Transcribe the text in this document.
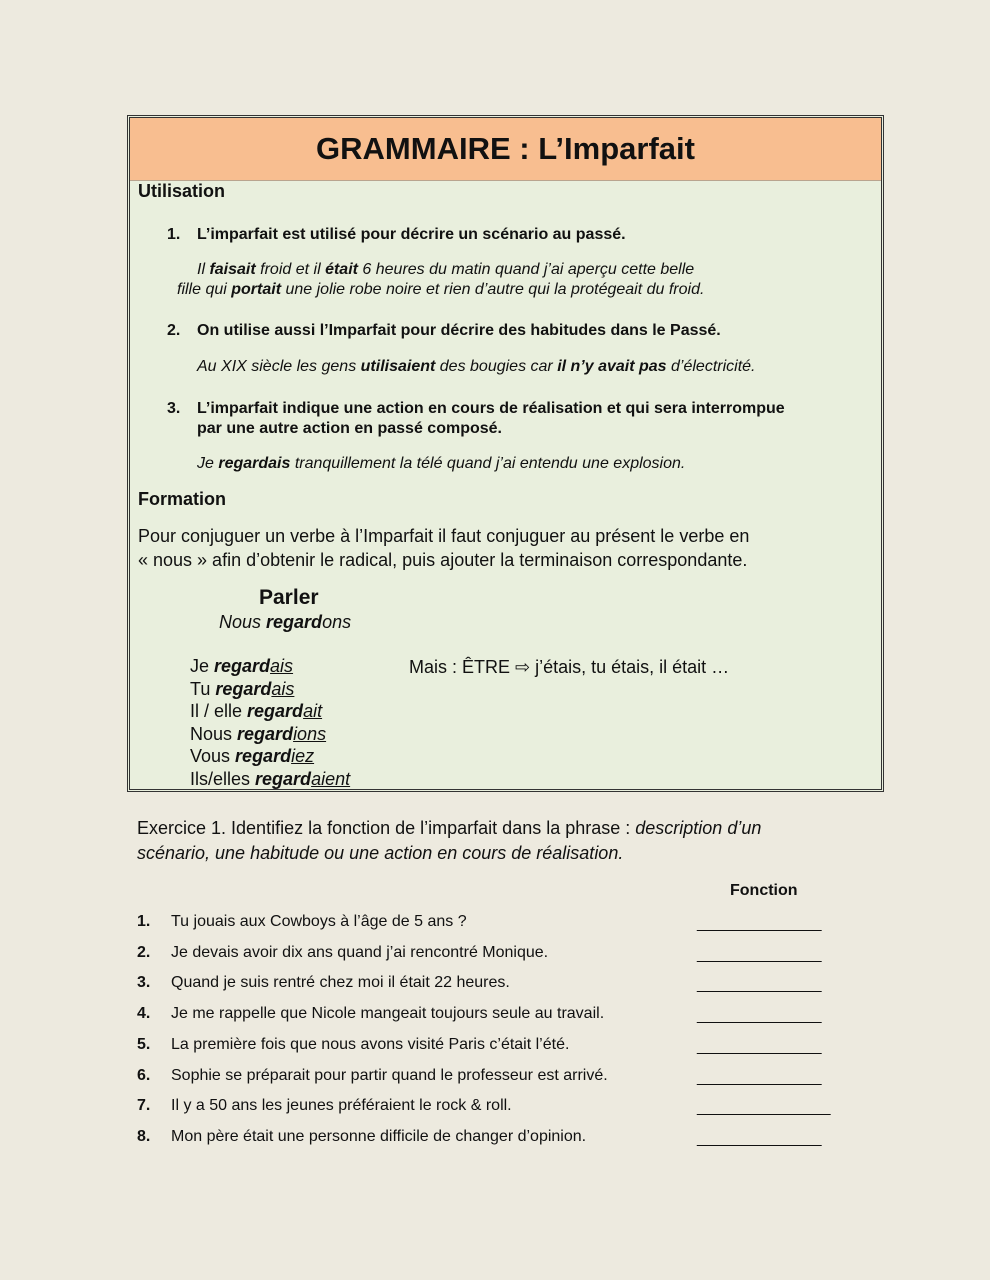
GRAMMAIRE : L’Imparfait
Utilisation
1. L’imparfait est utilisé pour décrire un scénario au passé.
Il faisait froid et il était 6 heures du matin quand j’ai aperçu cette belle
fille qui portait une jolie robe noire et rien d’autre qui la protégeait du froid.
2. On utilise aussi l’Imparfait pour décrire des habitudes dans le Passé.
Au XIX siècle les gens utilisaient des bougies car il n’y avait pas d’électricité.
3. L’imparfait indique une action en cours de réalisation et qui sera interrompue
par une autre action en passé composé.
Je regardais tranquillement la télé quand j’ai entendu une explosion.
Formation
Pour conjuguer un verbe à l’Imparfait il faut conjuguer au présent le verbe en
« nous » afin d’obtenir le radical, puis ajouter la terminaison correspondante.
Parler
Nous regardons
Je regardais
Tu regardais
Il / elle regardait
Nous regardions
Vous regardiez
Ils/elles regardaient
Mais : ÊTRE ⇨ j’étais, tu étais, il était …
Exercice 1. Identifiez la fonction de l’imparfait dans la phrase : description d’un
scénario, une habitude ou une action en cours de réalisation.
Fonction
1. Tu jouais aux Cowboys à l’âge de 5 ans ?	______________
2. Je devais avoir dix ans quand j’ai rencontré Monique.	______________
3. Quand je suis rentré chez moi il était 22 heures.	______________
4. Je me rappelle que Nicole mangeait toujours seule au travail.	______________
5. La première fois que nous avons visité Paris c’était l’été.	______________
6. Sophie se préparait pour partir quand le professeur est arrivé.	______________
7. Il y a 50 ans les jeunes préféraient le rock & roll.	_______________
8. Mon père était une personne difficile de changer d’opinion.	______________
